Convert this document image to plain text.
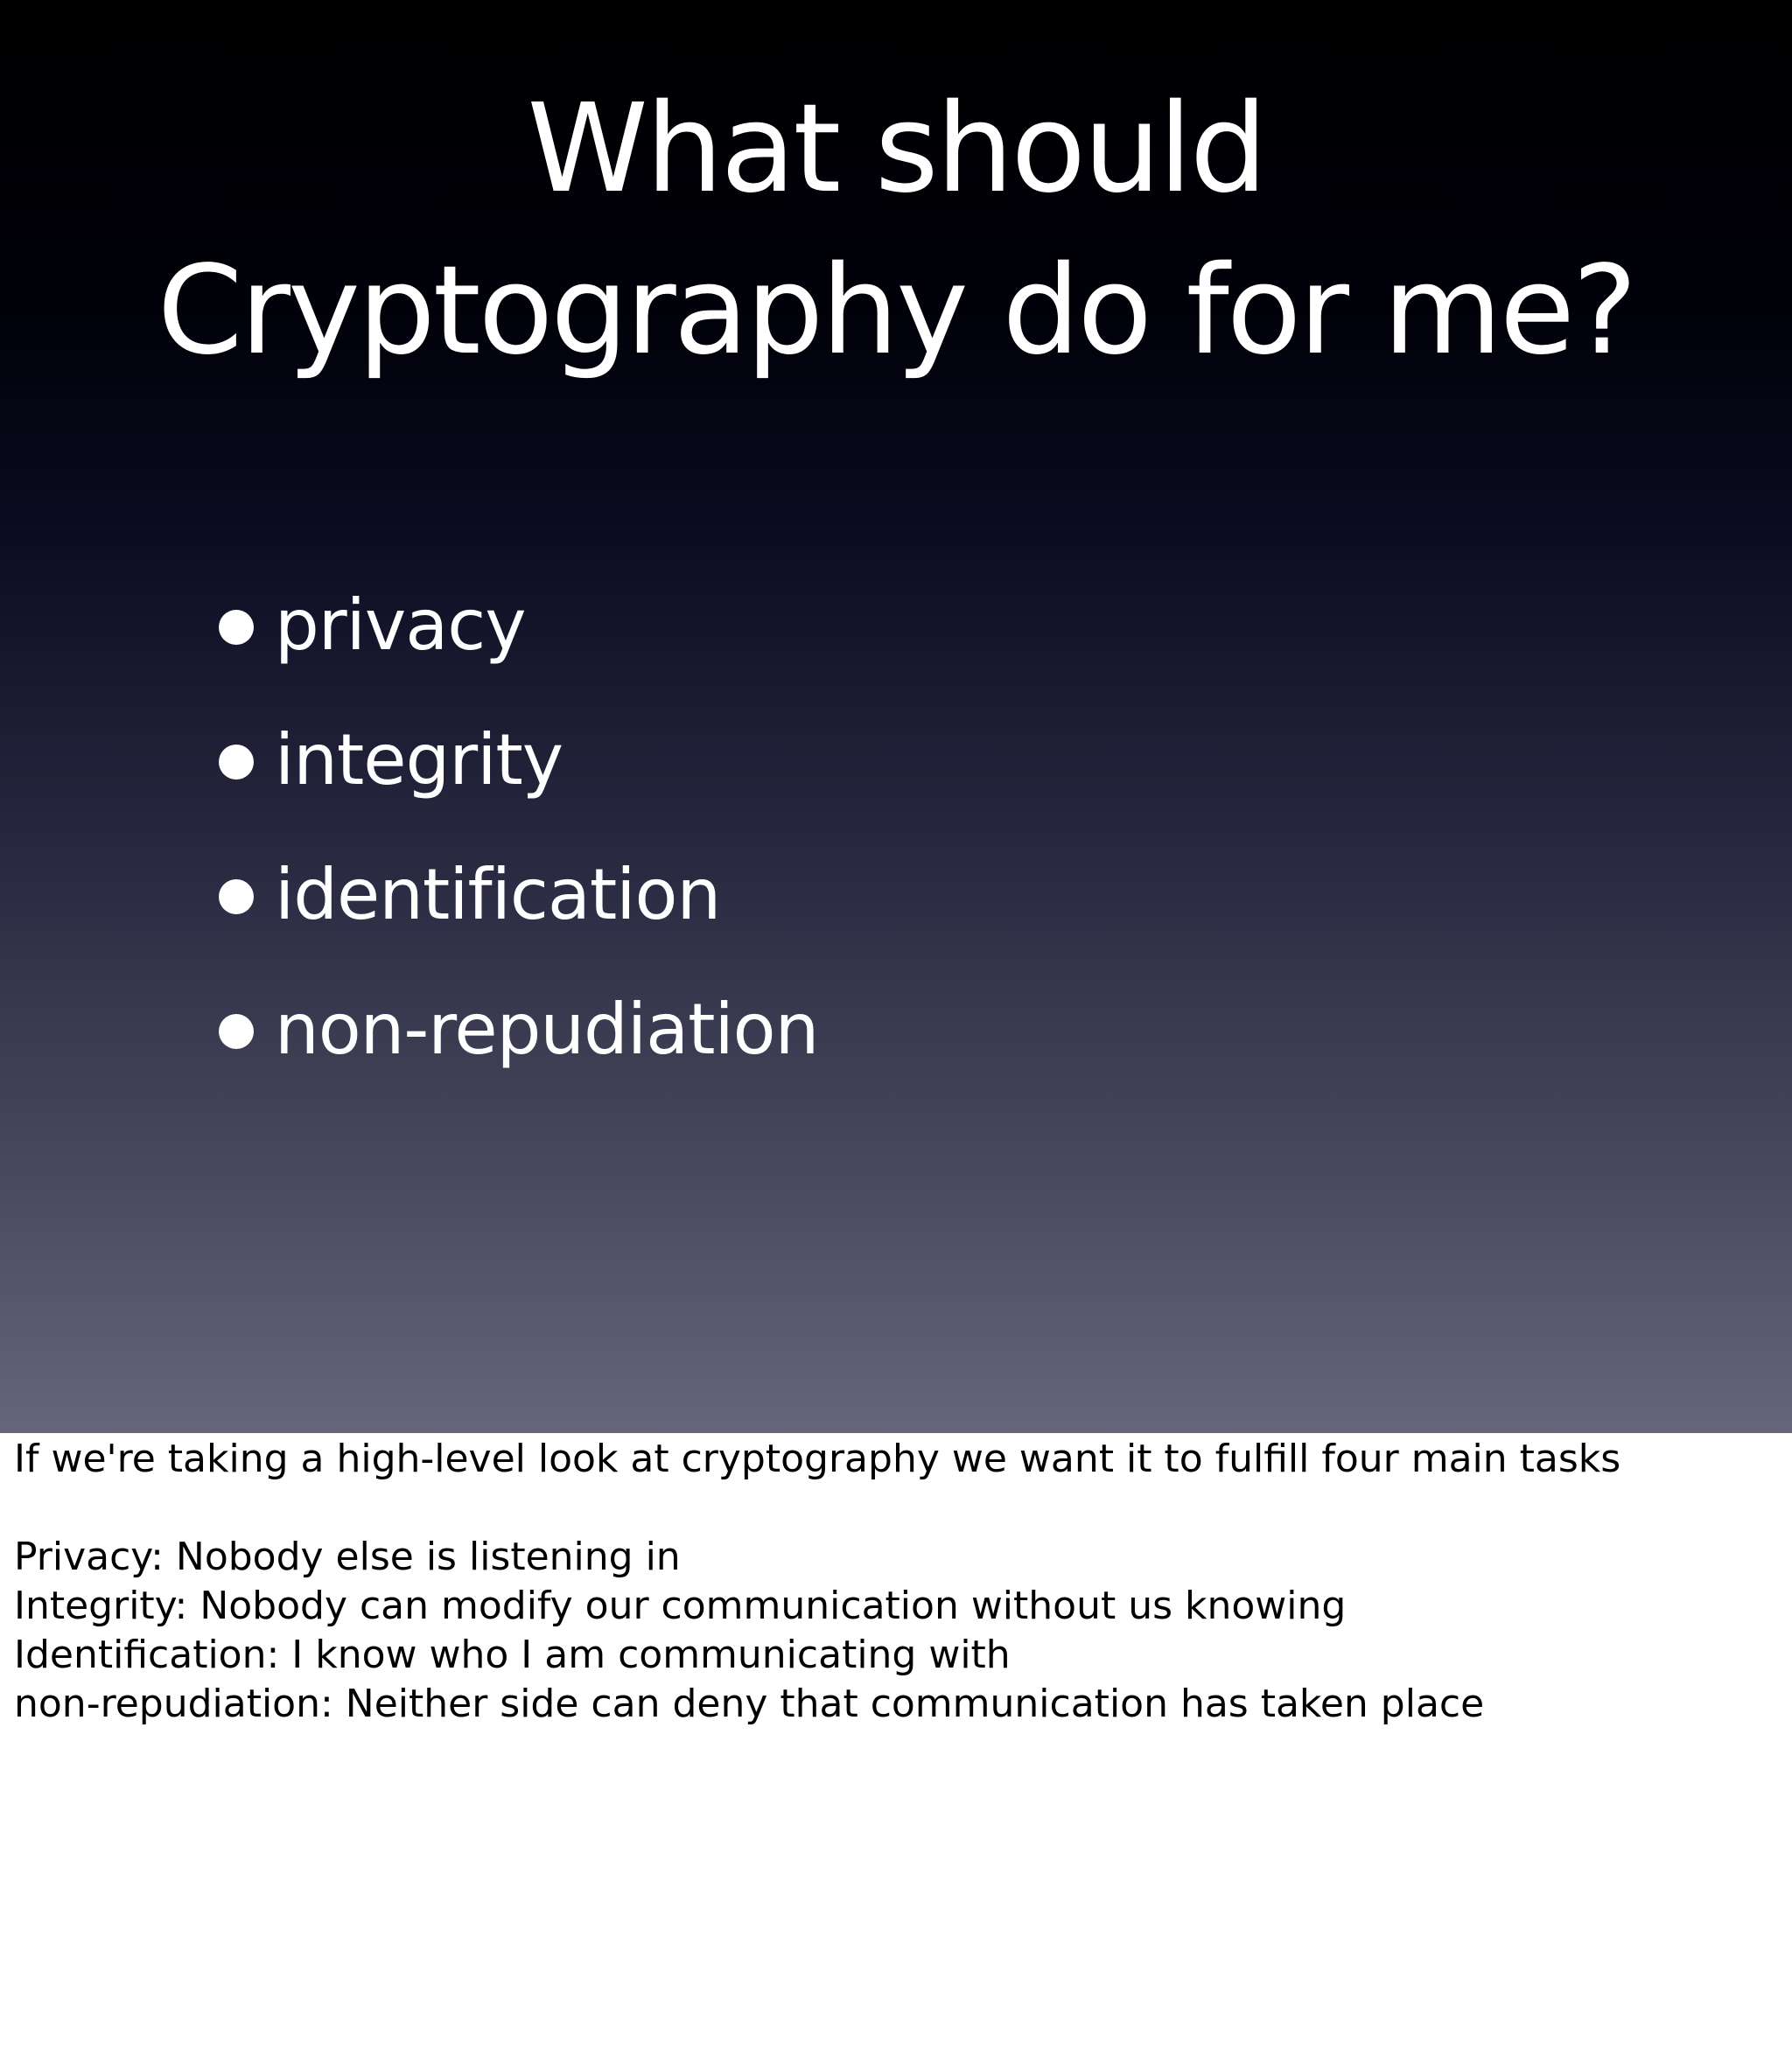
What should
Cryptography do for me?
privacy
integrity
identification
non-repudiation
If we're taking a high-level look at cryptography we want it to fulfill four main tasks
Privacy: Nobody else is listening in
Integrity: Nobody can modify our communication without us knowing
Identification: I know who I am communicating with
non-repudiation: Neither side can deny that communication has taken place
